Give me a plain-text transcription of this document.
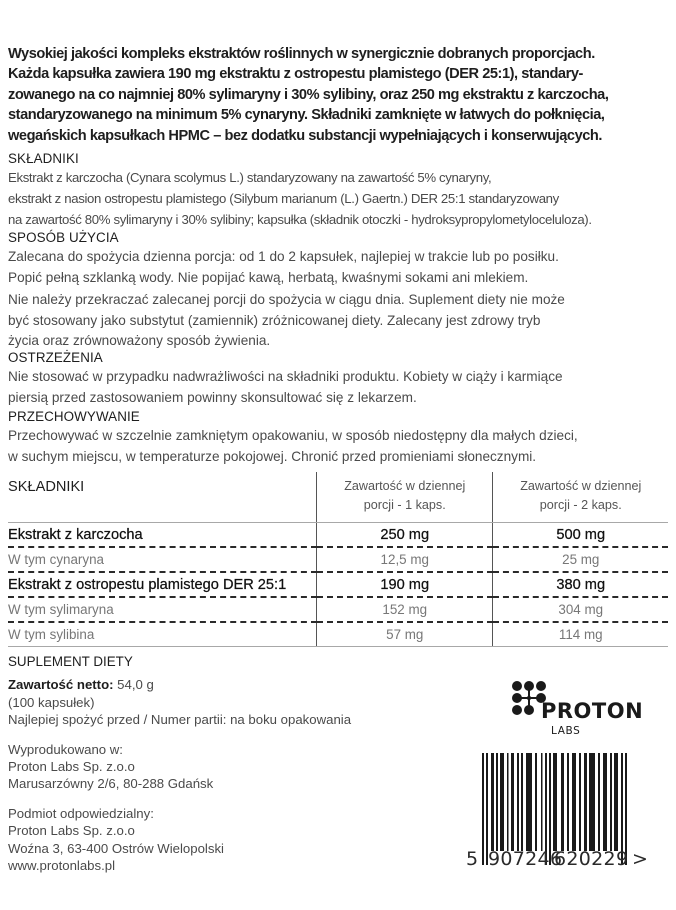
Wysokiej jakości kompleks ekstraktów roślinnych w synergicznie dobranych proporcjach.

Każda kapsułka zawiera 190 mg ekstraktu z ostropestu plamistego (DER 25:1), standary-

zowanego na co najmniej 80% sylimaryny i 30% sylibiny, oraz 250 mg ekstraktu z karczocha,

standaryzowanego na minimum 5% cynaryny. Składniki zamknięte w łatwych do połknięcia,

wegańskich kapsułkach HPMC – bez dodatku substancji wypełniających i konserwujących.

SKŁADNIKI

Ekstrakt z karczocha (Cynara scolymus L.) standaryzowany na zawartość 5% cynaryny,

ekstrakt z nasion ostropestu plamistego (Silybum marianum (L.) Gaertn.) DER 25:1 standaryzowany

na zawartość 80% sylimaryny i 30% sylibiny; kapsułka (składnik otoczki - hydroksypropylometyloceluloza).

SPOSÓB UŻYCIA

Zalecana do spożycia dzienna porcja: od 1 do 2 kapsułek, najlepiej w trakcie lub po posiłku.

Popić pełną szklanką wody. Nie popijać kawą, herbatą, kwaśnymi sokami ani mlekiem.

Nie należy przekraczać zalecanej porcji do spożycia w ciągu dnia. Suplement diety nie może

być stosowany jako substytut (zamiennik) zróżnicowanej diety. Zalecany jest zdrowy tryb

życia oraz zrównoważony sposób żywienia.

OSTRZEŻENIA

Nie stosować w przypadku nadwrażliwości na składniki produktu. Kobiety w ciąży i karmiące

piersią przed zastosowaniem powinny skonsultować się z lekarzem.

PRZECHOWYWANIE

Przechowywać w szczelnie zamkniętym opakowaniu, w sposób niedostępny dla małych dzieci,

w suchym miejscu, w temperaturze pokojowej. Chronić przed promieniami słonecznymi.

SKŁADNIKI	Zawartość w dziennej
porcji - 1 kaps.

Zawartość w dziennej
porcji - 2 kaps.

Ekstrakt z karczocha	250 mg	500 mg
W tym cynaryna	12,5 mg	25 mg
Ekstrakt z ostropestu plamistego DER 25:1	190 mg	380 mg
W tym sylimaryna	152 mg	304 mg
W tym sylibina	57 mg	114 mg

SUPLEMENT DIETY

Zawartość netto: 54,0 g

(100 kapsułek)

Najlepiej spożyć przed / Numer partii: na boku opakowania

Wyprodukowano w:

Proton Labs Sp. z.o.o

Marusarzówny 2/6, 80-288 Gdańsk

Podmiot odpowiedzialny:

Proton Labs Sp. z.o.o

Woźna 3, 63-400 Ostrów Wielopolski

www.protonlabs.pl

PROTON
LABS
5 907246
620229 >
